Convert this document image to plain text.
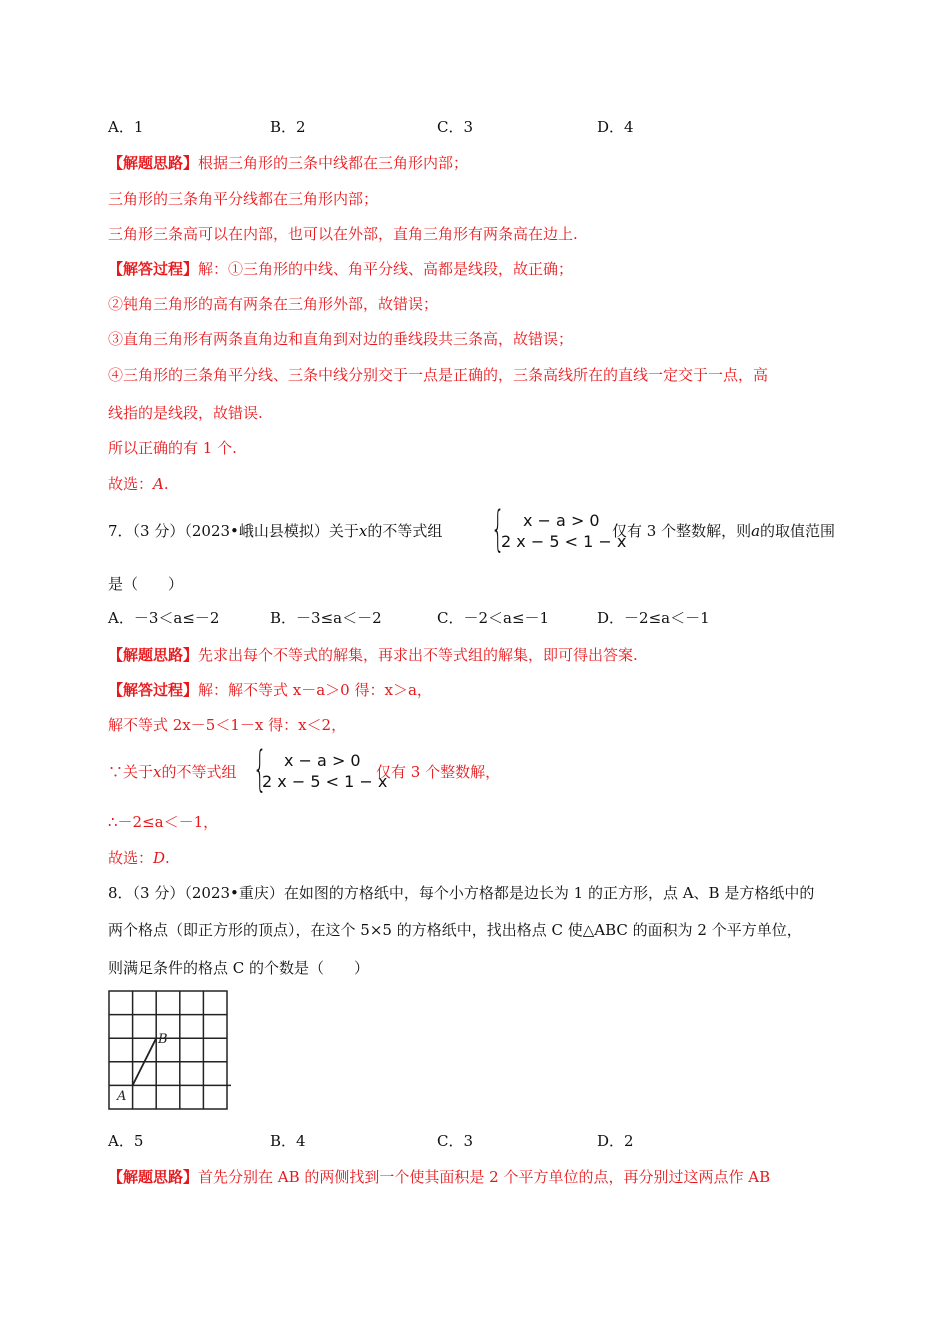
A．1	B．2	C．3	D．4
【解题思路】根据三角形的三条中线都在三角形内部；
三角形的三条角平分线都在三角形内部；
三角形三条高可以在内部，也可以在外部，直角三角形有两条高在边上.
【解答过程】解：①三角形的中线、角平分线、高都是线段，故正确；
②钝角三角形的高有两条在三角形外部，故错误；
③直角三角形有两条直角边和直角到对边的垂线段共三条高，故错误；
④三角形的三条角平分线、三条中线分别交于一点是正确的，三条高线所在的直线一定交于一点，高
线指的是线段，故错误.
所以正确的有 1 个.
故选：A.
7．（3 分）（2023•峨山县模拟）关于x的不等式组 {	x − a > 0
2 x − 5 < 1 − x
仅有 3 个整数解，则a的取值范围
是（　　）
A．－3＜a≤－2	B．－3≤a＜－2	C．－2＜a≤－1	D．－2≤a＜－1
【解题思路】先求出每个不等式的解集，再求出不等式组的解集，即可得出答案.
【解答过程】解：解不等式 x－a＞0 得：x＞a，
解不等式 2x－5＜1－x 得：x＜2，
∵关于x的不等式组 {	x − a > 0
2 x − 5 < 1 − x
仅有 3 个整数解，
∴－2≤a＜－1，
故选：D.
8．（3 分）（2023•重庆）在如图的方格纸中，每个小方格都是边长为 1 的正方形，点 A、B 是方格纸中的
两个格点（即正方形的顶点），在这个 5×5 的方格纸中，找出格点 C 使△ABC 的面积为 2 个平方单位，
则满足条件的格点 C 的个数是（　　）
A
B
A．5	B．4	C．3	D．2
【解题思路】首先分别在 AB 的两侧找到一个使其面积是 2 个平方单位的点，再分别过这两点作 AB
